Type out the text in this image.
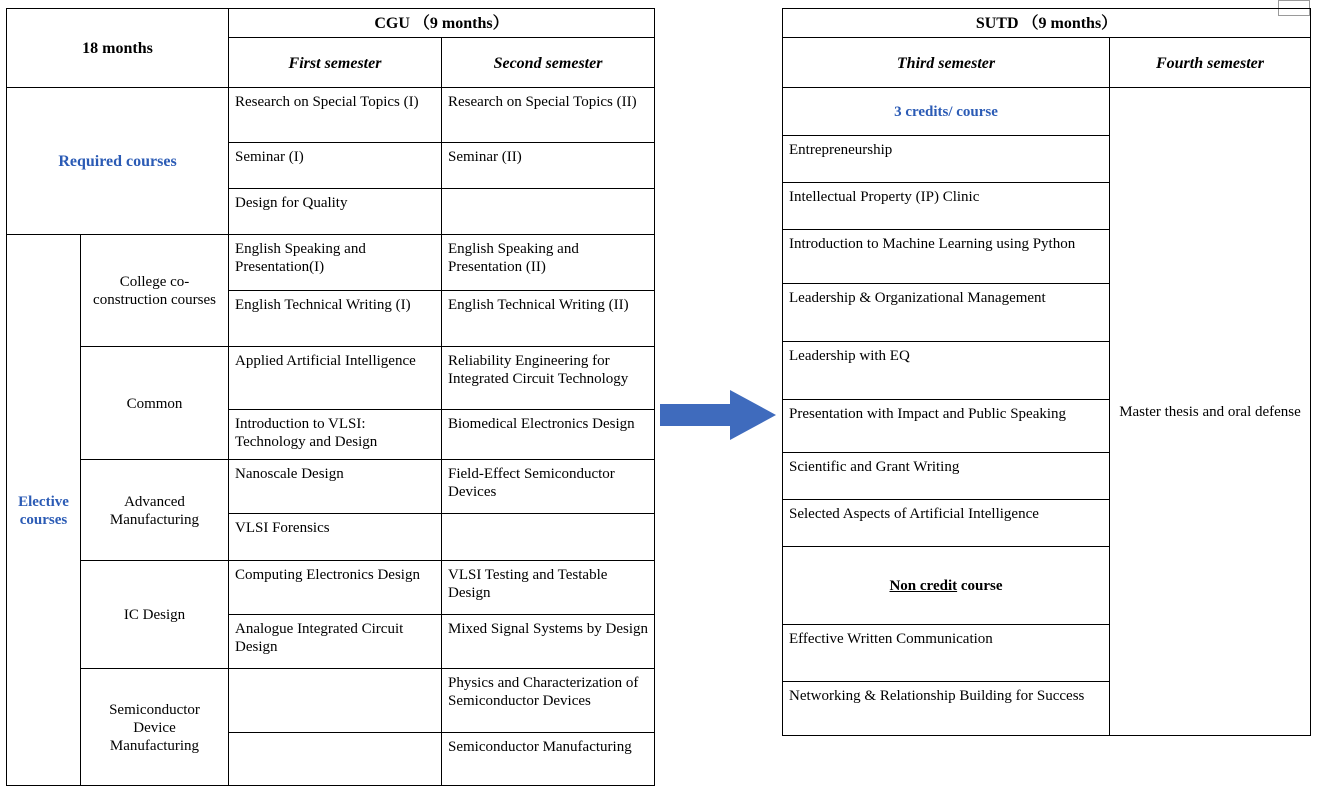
18 months		CGU （9 months）	
		First semester	Second semester
Required courses		Research on Special Topics (I)	Research on Special Topics (II)
		Seminar (I)	Seminar (II)
		Design for Quality	
Elective courses	College co-construction courses	English Speaking and Presentation(I)	English Speaking and Presentation (II)
		English Technical Writing (I)	English Technical Writing (II)
	Common	Applied Artificial Intelligence	Reliability Engineering for Integrated Circuit Technology
		Introduction to VLSI: Technology and Design	Biomedical Electronics Design
	Advanced Manufacturing	Nanoscale Design	Field-Effect Semiconductor Devices
		VLSI Forensics	
	IC Design	Computing Electronics Design	VLSI Testing and Testable Design
		Analogue Integrated Circuit Design	Mixed Signal Systems by Design
	Semiconductor Device Manufacturing		Physics and Characterization of Semiconductor Devices
			Semiconductor Manufacturing
SUTD （9 months）	
Third semester	Fourth semester
3 credits/ course	Master thesis and oral defense
Entrepreneurship	
Intellectual Property (IP) Clinic	
Introduction to Machine Learning using Python	
Leadership & Organizational Management	
Leadership with EQ	
Presentation with Impact and Public Speaking	
Scientific and Grant Writing	
Selected Aspects of Artificial Intelligence	
Non credit course	
Effective Written Communication	
Networking & Relationship Building for Success	
